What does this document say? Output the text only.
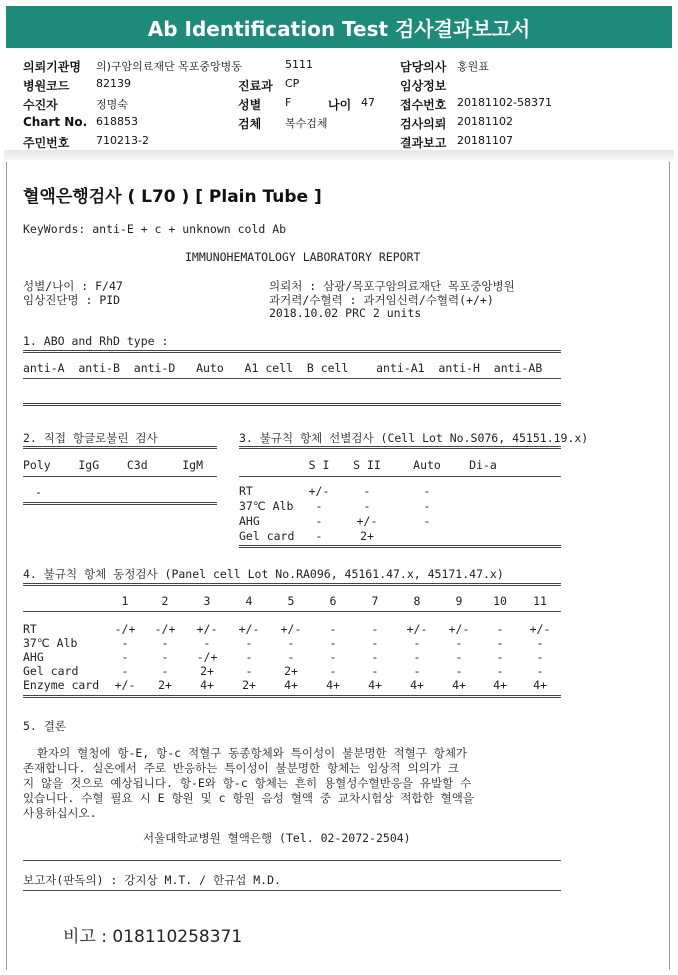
Ab Identification Test 검사결과보고서
의뢰기관명 의)구암의료재단 목포중앙병동	5111	담당의사 홍원표
병원코드 82139	진료과 CP	임상정보
수진자	정명숙	성별 F	나이 47 접수번호 20181102-58371
Chart No. 618853	검체 복수검체	검사의뢰 20181102
주민번호 710213-2	결과보고 20181107
혈액은행검사 ( L70 ) [ Plain Tube ]
KeyWords: anti-E + c + unknown cold Ab
IMMUNOHEMATOLOGY LABORATORY REPORT
성별/나이 : F/47
임상진단명 : PID
의뢰처 : 삼광/목포구암의료재단 목포중앙병원
과거력/수혈력 : 과거임신력/수혈력(+/+)
2018.10.02 PRC 2 units
1. ABO and RhD type :
anti-A  anti-B  anti-D   Auto   A1 cell  B cell    anti-A1  anti-H  anti-AB
2. 직접 항글로불린 검사
Poly    IgG    C3d     IgM
-
3. 불규칙 항체 선별검사 (Cell Lot No.S076, 45151.19.x)
S I	S II	Auto	Di-a
RT	+/-	-	-
37℃ Alb	-	-	-
AHG	-	+/-	-
Gel card	-	2+
4. 불규칙 항체 동정검사 (Panel cell Lot No.RA096, 45161.47.x, 45171.47.x)
1	2	3	4	5	6	7	8	9	10	11
RT	-/+	-/+	+/-	+/-	+/-	-	-	+/-	+/-	-	+/-
37℃ Alb	-	-	-	-	-	-	-	-	-	-	-
AHG	-	-	-/+	-	-	-	-	-	-	-	-
Gel card	-	-	2+	-	2+	-	-	-	-	-	-
Enzyme card	+/-	2+	4+	2+	4+	4+	4+	4+	4+	4+	4+
5. 결론
환자의 혈청에 항-E, 항-c 적혈구 동종항체와 특이성이 불분명한 적혈구 항체가
존재합니다. 실온에서 주로 반응하는 특이성이 불분명한 항체는 임상적 의의가 크
지 않을 것으로 예상됩니다. 항-E와 항-c 항체는 흔히 용혈성수혈반응을 유발할 수
있습니다. 수혈 필요 시 E 항원 및 c 항원 음성 혈액 중 교차시험상 적합한 혈액을
사용하십시오.
서울대학교병원 혈액은행 (Tel. 02-2072-2504)
보고자(판독의) : 강지상 M.T. / 한규섭 M.D.
비고 : 018110258371
